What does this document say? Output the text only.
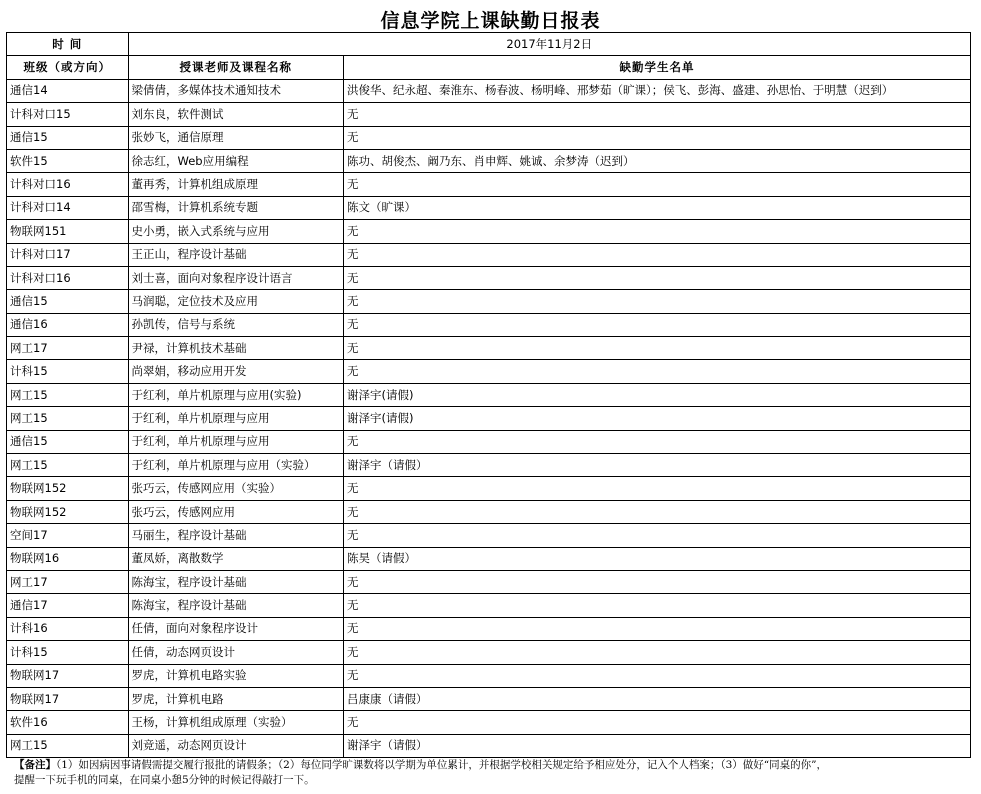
信息学院上课缺勤日报表
时 间	2017年11月2日	
班级（或方向）	授课老师及课程名称	缺勤学生名单
通信14	梁倩倩，多媒体技术通知技术	洪俊华、纪永超、秦淮东、杨春波、杨明峰、邢梦茹（旷课）；侯飞、彭海、盛建、孙思怡、于明慧（迟到）
计科对口15	刘东良，软件测试	无
通信15	张妙飞，通信原理	无
软件15	徐志红，Web应用编程	陈功、胡俊杰、阚乃东、肖申辉、姚诚、余梦涛（迟到）
计科对口16	董再秀，计算机组成原理	无
计科对口14	邵雪梅，计算机系统专题	陈文（旷课）
物联网151	史小勇，嵌入式系统与应用	无
计科对口17	王正山，程序设计基础	无
计科对口16	刘士喜，面向对象程序设计语言	无
通信15	马润聪，定位技术及应用	无
通信16	孙凯传，信号与系统	无
网工17	尹禄，计算机技术基础	无
计科15	尚翠娟，移动应用开发	无
网工15	于红利，单片机原理与应用(实验)	谢泽宇(请假)
网工15	于红利，单片机原理与应用	谢泽宇(请假)
通信15	于红利，单片机原理与应用	无
网工15	于红利，单片机原理与应用（实验）	谢泽宇（请假）
物联网152	张巧云，传感网应用（实验）	无
物联网152	张巧云，传感网应用	无
空间17	马丽生，程序设计基础	无
物联网16	董凤娇，离散数学	陈昊（请假）
网工17	陈海宝，程序设计基础	无
通信17	陈海宝，程序设计基础	无
计科16	任倩，面向对象程序设计	无
计科15	任倩，动态网页设计	无
物联网17	罗虎，计算机电路实验	无
物联网17	罗虎，计算机电路	吕康康（请假）
软件16	王杨，计算机组成原理（实验）	无
网工15	刘竞遥，动态网页设计	谢泽宇（请假）
【备注】（1）如因病因事请假需提交履行报批的请假条；（2）每位同学旷课数将以学期为单位累计，并根据学校相关规定给予相应处分，记入个人档案；（3）做好“同桌的你”，
提醒一下玩手机的同桌，在同桌小憩5分钟的时候记得敲打一下。
